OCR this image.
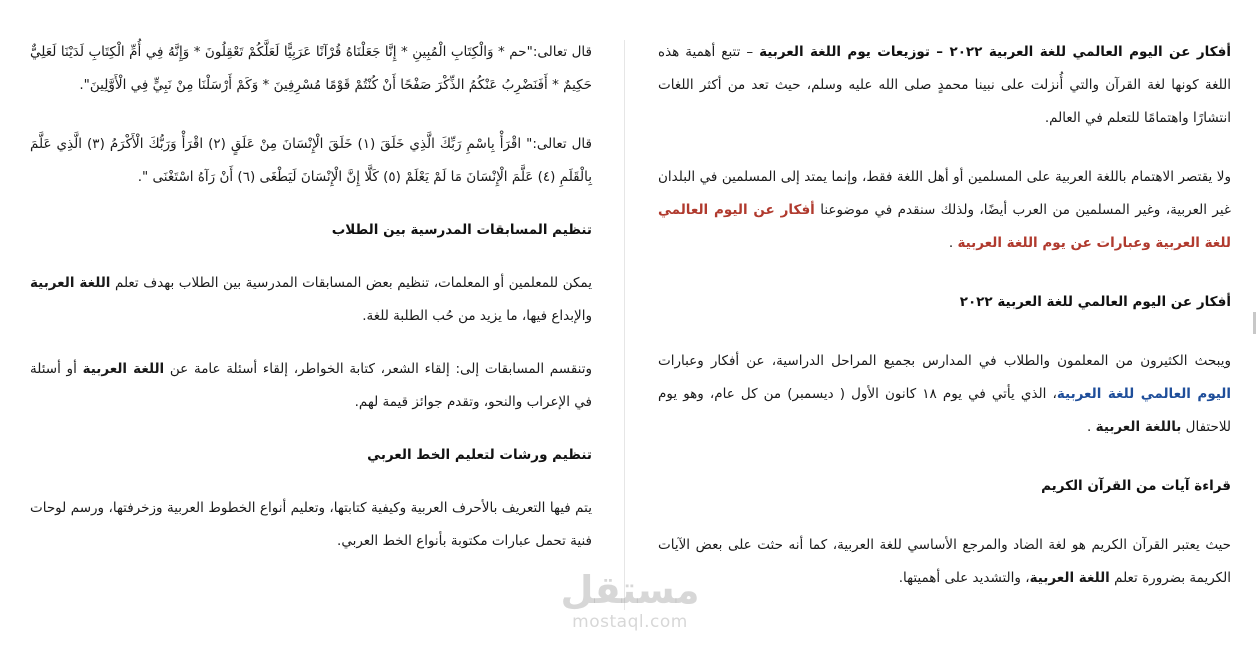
أفكار عن اليوم العالمي للغة العربية ٢٠٢٢ – توزيعات يوم اللغة العربية – تتبع أهمية هذه اللغة كونها لغة القرآن والتي أُنزلت على نبينا محمدٍ صلى الله عليه وسلم، حيث تعد من أكثر اللغات انتشارًا واهتمامًا للتعلم في العالم.

ولا يقتصر الاهتمام باللغة العربية على المسلمين أو أهل اللغة فقط، وإنما يمتد إلى المسلمين في البلدان غير العربية، وغير المسلمين من العرب أيضًا، ولذلك سنقدم في موضوعنا أفكار عن اليوم العالمي للغة العربية وعبارات عن يوم اللغة العربية .

أفكار عن اليوم العالمي للغة العربية ٢٠٢٢

ويبحث الكثيرون من المعلمون والطلاب في المدارس بجميع المراحل الدراسية، عن أفكار وعبارات اليوم العالمي للغة العربية، الذي يأتي في يوم ١٨ كانون الأول ( ديسمبر) من كل عام، وهو يوم للاحتفال باللغة العربية .

قراءة آيات من القرآن الكريم

حيث يعتبر القرآن الكريم هو لغة الضاد والمرجع الأساسي للغة العربية، كما أنه حثت على بعض الآيات الكريمة بضرورة تعلم اللغة العربية، والتشديد على أهميتها.

قال تعالى:"حم * وَالْكِتَابِ الْمُبِينِ * إِنَّا جَعَلْنَاهُ قُرْآنًا عَرَبِيًّا لَعَلَّكُمْ تَعْقِلُونَ * وَإِنَّهُ فِي أُمِّ الْكِتَابِ لَدَيْنَا لَعَلِيٌّ حَكِيمٌ * أَفَنَضْرِبُ عَنْكُمُ الذِّكْرَ صَفْحًا أَنْ كُنْتُمْ قَوْمًا مُسْرِفِينَ * وَكَمْ أَرْسَلْنَا مِنْ نَبِيٍّ فِي الْأَوَّلِينَ".

قال تعالى:" اقْرَأْ بِاسْمِ رَبِّكَ الَّذِي خَلَقَ (١) خَلَقَ الْإِنْسَانَ مِنْ عَلَقٍ (٢) اقْرَأْ وَرَبُّكَ الْأَكْرَمُ (٣) الَّذِي عَلَّمَ بِالْقَلَمِ (٤) عَلَّمَ الْإِنْسَانَ مَا لَمْ يَعْلَمْ (٥) كَلَّا إِنَّ الْإِنْسَانَ لَيَطْغَى (٦) أَنْ رَآهُ اسْتَغْنَى ".

تنظيم المسابقات المدرسية بين الطلاب

يمكن للمعلمين أو المعلمات، تنظيم بعض المسابقات المدرسية بين الطلاب بهدف تعلم اللغة العربية والإبداع فيها، ما يزيد من حُب الطلبة للغة.

وتنقسم المسابقات إلى: إلقاء الشعر، كتابة الخواطر، إلقاء أسئلة عامة عن اللغة العربية أو أسئلة في الإعراب والنحو، وتقدم جوائز قيمة لهم.

تنظيم ورشات لتعليم الخط العربي

يتم فيها التعريف بالأحرف العربية وكيفية كتابتها، وتعليم أنواع الخطوط العربية وزخرفتها، ورسم لوحات فنية تحمل عبارات مكتوبة بأنواع الخط العربي.

مستقل
mostaql.com
